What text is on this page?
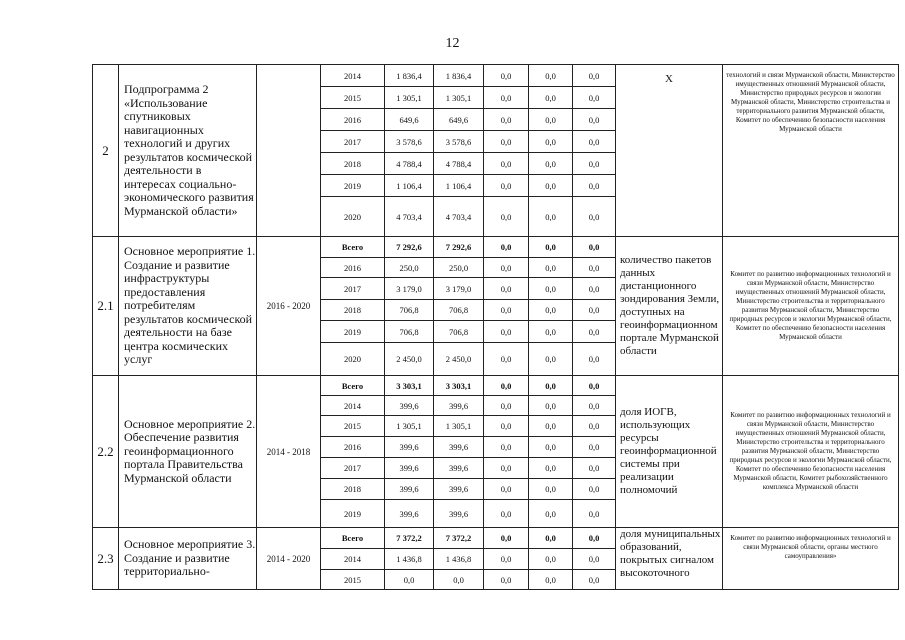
12
2	Подпрограмма 2 «Использование спутниковых навигационных технологий и других результатов космической деятельности в интересах социально-экономического развития Мурманской области»		2014	1 836,4	1 836,4	0,0	0,0	0,0	Х	технологий и связи Мурманской области, Министерство имущественных отношений Мурманской области, Министерство природных ресурсов и экологии Мурманской области, Министерство строительства и территориального развития Мурманской области, Комитет по обеспечению безопасности населения Мурманской области
			2015	1 305,1	1 305,1	0,0	0,0	0,0		
			2016	649,6	649,6	0,0	0,0	0,0		
			2017	3 578,6	3 578,6	0,0	0,0	0,0		
			2018	4 788,4	4 788,4	0,0	0,0	0,0		
			2019	1 106,4	1 106,4	0,0	0,0	0,0		
			2020	4 703,4	4 703,4	0,0	0,0	0,0		
2.1	Основное мероприятие 1. Создание и развитие инфраструктуры предоставления потребителям результатов космической деятельности на базе центра космических услуг	2016 - 2020	Всего	7 292,6	7 292,6	0,0	0,0	0,0	количество пакетов данных дистанционного зондирования Земли, доступных на геоинформационном портале Мурманской области	Комитет по развитию информационных технологий и связи Мурманской области, Министерство имущественных отношений Мурманской области, Министерство строительства и территориального развития Мурманской области, Министерство природных ресурсов и экологии Мурманской области, Комитет по обеспечению безопасности населения Мурманской области
			2016	250,0	250,0	0,0	0,0	0,0		
			2017	3 179,0	3 179,0	0,0	0,0	0,0		
			2018	706,8	706,8	0,0	0,0	0,0		
			2019	706,8	706,8	0,0	0,0	0,0		
			2020	2 450,0	2 450,0	0,0	0,0	0,0		
2.2	Основное мероприятие 2. Обеспечение развития геоинформационного портала Правительства Мурманской области	2014 - 2018	Всего	3 303,1	3 303,1	0,0	0,0	0,0	доля ИОГВ, использующих ресурсы геоинформационной системы при реализации полномочий	Комитет по развитию информационных технологий и связи Мурманской области, Министерство имущественных отношений Мурманской области, Министерство строительства и территориального развития Мурманской области, Министерство природных ресурсов и экологии Мурманской области, Комитет по обеспечению безопасности населения Мурманской области, Комитет рыбохозяйственного комплекса Мурманской области
			2014	399,6	399,6	0,0	0,0	0,0		
			2015	1 305,1	1 305,1	0,0	0,0	0,0		
			2016	399,6	399,6	0,0	0,0	0,0		
			2017	399,6	399,6	0,0	0,0	0,0		
			2018	399,6	399,6	0,0	0,0	0,0		
			2019	399,6	399,6	0,0	0,0	0,0		
2.3	Основное мероприятие 3. Создание и развитие территориально-	2014 - 2020	Всего	7 372,2	7 372,2	0,0	0,0	0,0	доля муниципальных образований, покрытых сигналом высокоточного	Комитет по развитию информационных технологий и связи Мурманской области, органы местного самоуправления»
			2014	1 436,8	1 436,8	0,0	0,0	0,0		
			2015	0,0	0,0	0,0	0,0	0,0		
